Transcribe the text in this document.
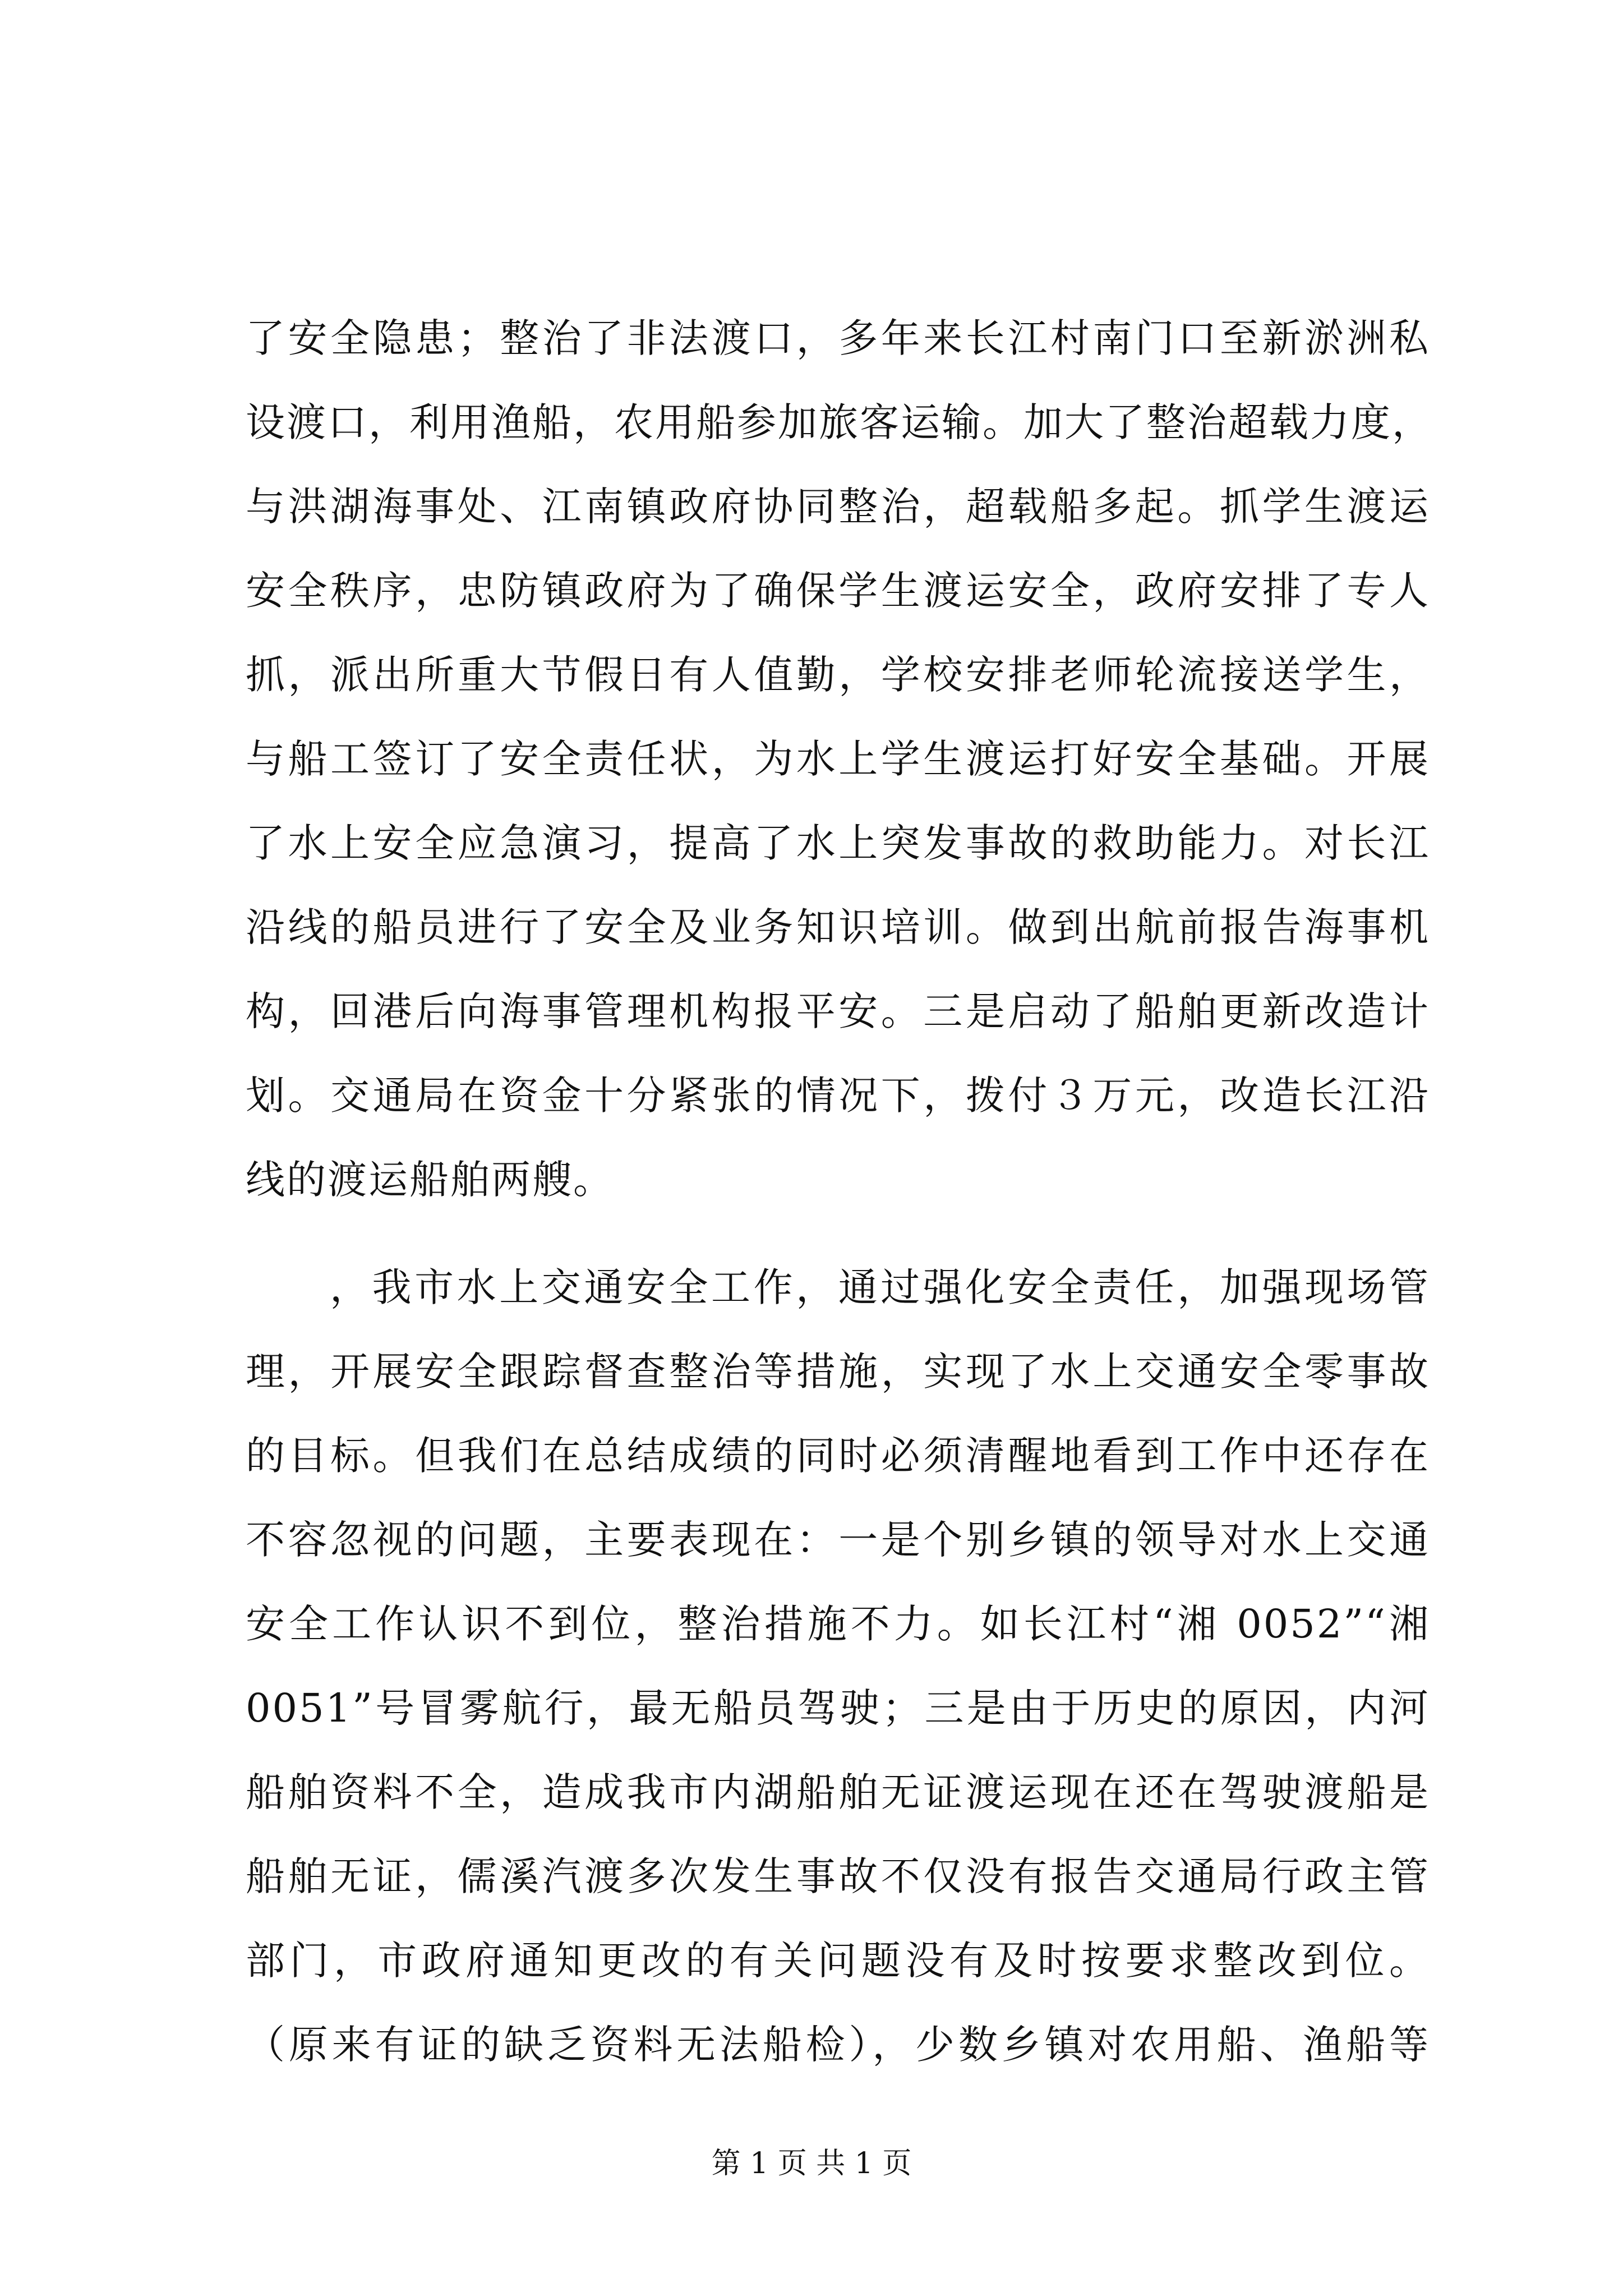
了安全隐患；整治了非法渡口，多年来长江村南门口至新淤洲私
设渡口，利用渔船，农用船参加旅客运输。加大了整治超载力度，
与洪湖海事处、江南镇政府协同整治，超载船多起。抓学生渡运
安全秩序，忠防镇政府为了确保学生渡运安全，政府安排了专人
抓，派出所重大节假日有人值勤，学校安排老师轮流接送学生，
与船工签订了安全责任状，为水上学生渡运打好安全基础。开展
了水上安全应急演习，提高了水上突发事故的救助能力。对长江
沿线的船员进行了安全及业务知识培训。做到出航前报告海事机
构，回港后向海事管理机构报平安。三是启动了船舶更新改造计
划。交通局在资金十分紧张的情况下，拨付３万元，改造长江沿
线的渡运船舶两艘。
，我市水上交通安全工作，通过强化安全责任，加强现场管
理，开展安全跟踪督查整治等措施，实现了水上交通安全零事故
的目标。但我们在总结成绩的同时必须清醒地看到工作中还存在
不容忽视的问题，主要表现在：一是个别乡镇的领导对水上交通
安全工作认识不到位，整治措施不力。如长江村“湘 0052”“湘
0051”号冒雾航行，最无船员驾驶；三是由于历史的原因，内河
船舶资料不全，造成我市内湖船舶无证渡运现在还在驾驶渡船是
船舶无证，儒溪汽渡多次发生事故不仅没有报告交通局行政主管
部门，市政府通知更改的有关问题没有及时按要求整改到位。
（原来有证的缺乏资料无法船检），少数乡镇对农用船、渔船等
第 1 页 共 1 页
